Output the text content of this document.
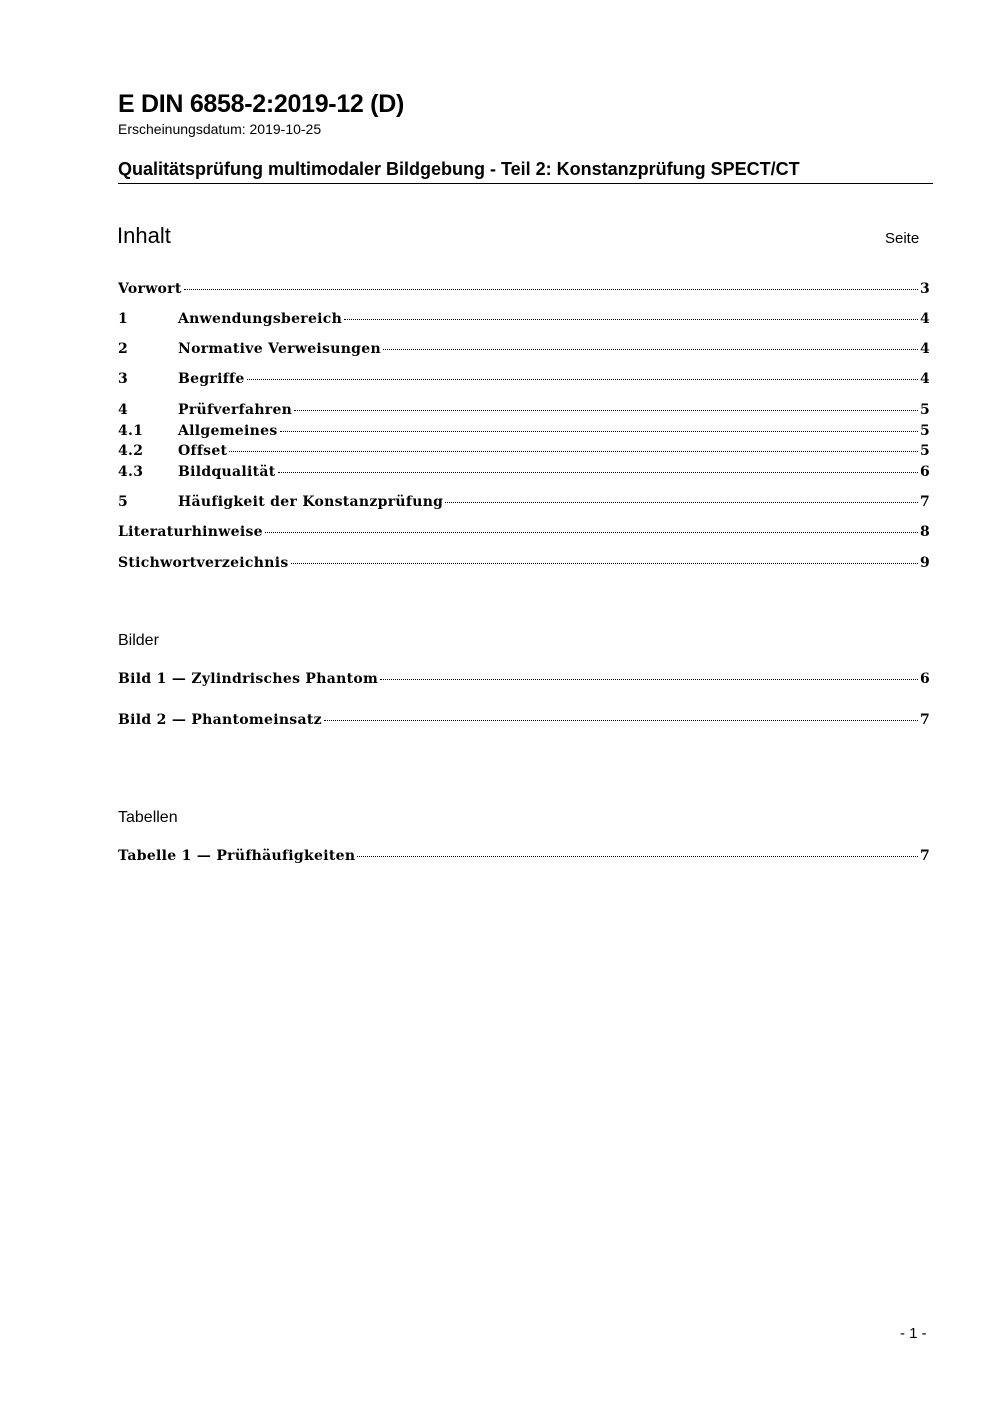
E DIN 6858-2:2019-12 (D)
Erscheinungsdatum: 2019-10-25
Qualitätsprüfung multimodaler Bildgebung - Teil 2: Konstanzprüfung SPECT/CT
Inhalt	Seite
Vorwort	3
1	Anwendungsbereich	4
2	Normative Verweisungen	4
3	Begriffe	4
4	Prüfverfahren	5
4.1	Allgemeines	5
4.2	Offset	5
4.3	Bildqualität	6
5	Häufigkeit der Konstanzprüfung	7
Literaturhinweise	8
Stichwortverzeichnis	9
Bilder
Bild 1 — Zylindrisches Phantom	6
Bild 2 — Phantomeinsatz	7
Tabellen
Tabelle 1 — Prüfhäufigkeiten	7
- 1 -
